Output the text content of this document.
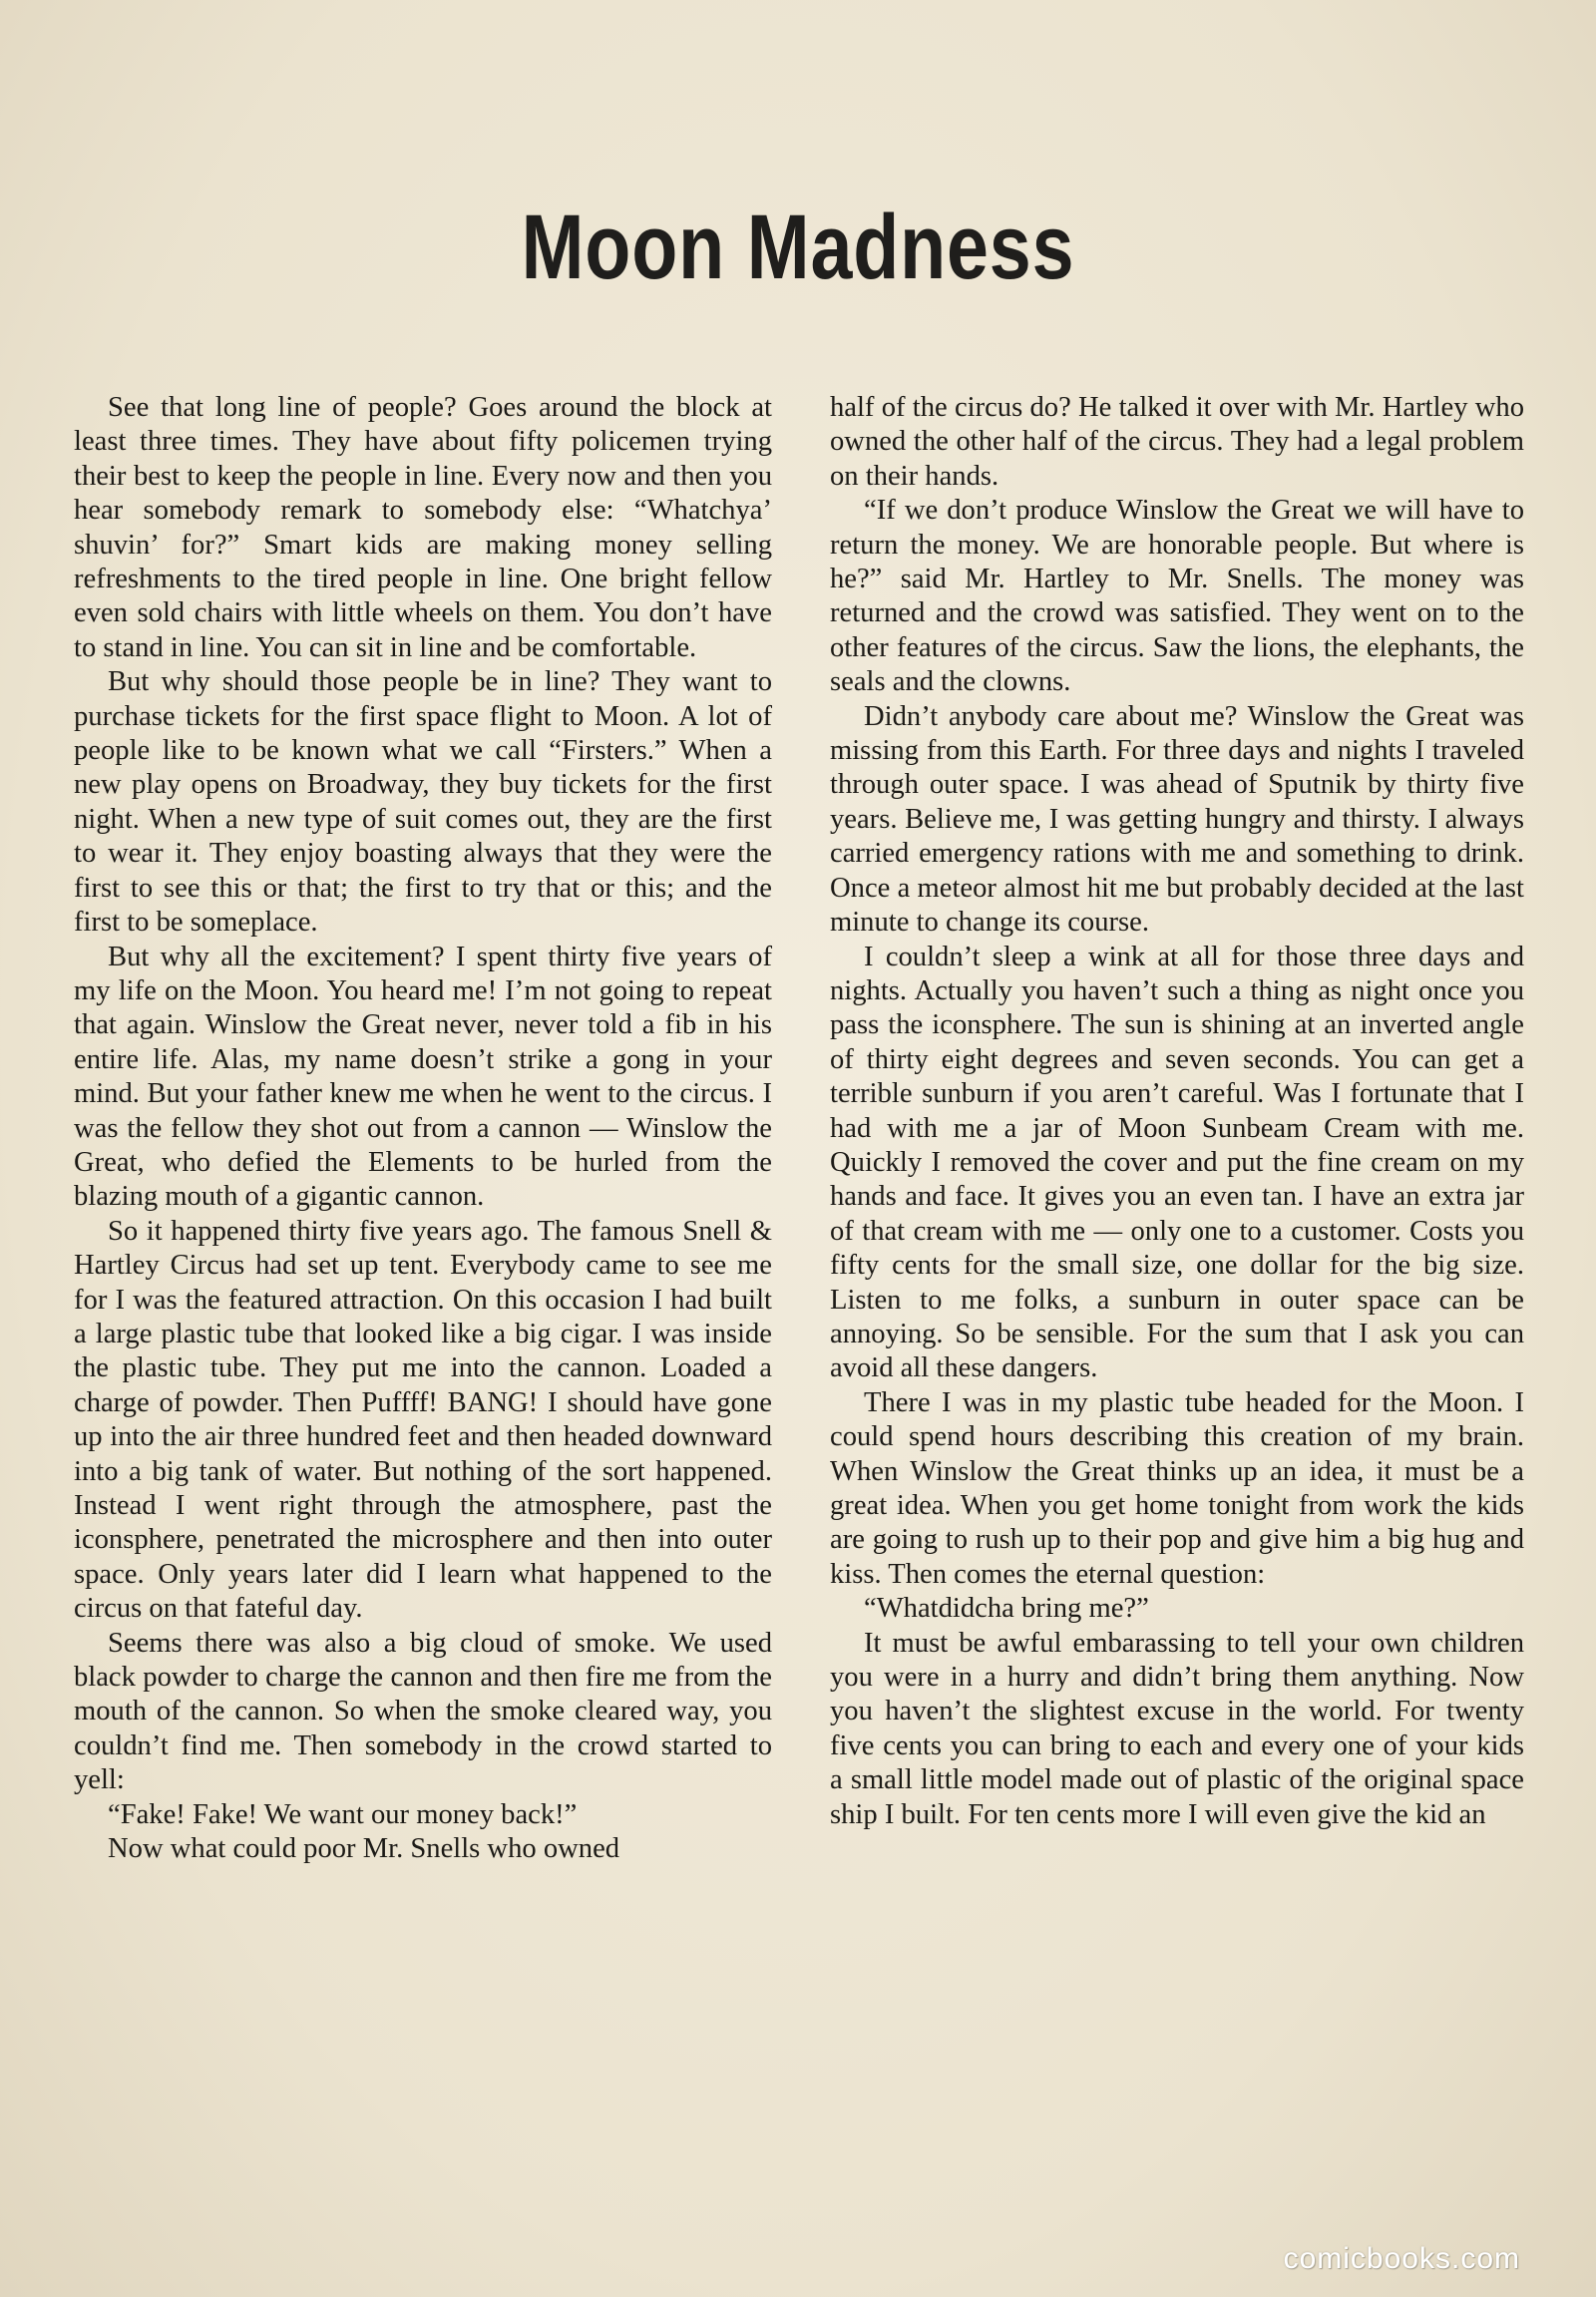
Moon Madness

See that long line of people? Goes around the block at least three times. They have about fifty policemen trying their best to keep the people in line. Every now and then you hear somebody remark to somebody else: “Whatchya’ shuvin’ for?” Smart kids are making money selling refreshments to the tired people in line. One bright fellow even sold chairs with little wheels on them. You don’t have to stand in line. You can sit in line and be comfortable.

But why should those people be in line? They want to purchase tickets for the first space flight to Moon. A lot of people like to be known what we call “Firsters.” When a new play opens on Broadway, they buy tickets for the first night. When a new type of suit comes out, they are the first to wear it. They enjoy boasting always that they were the first to see this or that; the first to try that or this; and the first to be someplace.

But why all the excitement? I spent thirty five years of my life on the Moon. You heard me! I’m not going to repeat that again. Winslow the Great never, never told a fib in his entire life. Alas, my name doesn’t strike a gong in your mind. But your father knew me when he went to the circus. I was the fellow they shot out from a cannon — Winslow the Great, who defied the Elements to be hurled from the blazing mouth of a gigantic cannon.

So it happened thirty five years ago. The famous Snell & Hartley Circus had set up tent. Everybody came to see me for I was the featured attraction. On this occasion I had built a large plastic tube that looked like a big cigar. I was inside the plastic tube. They put me into the cannon. Loaded a charge of powder. Then Puffff! BANG! I should have gone up into the air three hundred feet and then headed downward into a big tank of water. But nothing of the sort happened. Instead I went right through the atmosphere, past the iconsphere, penetrated the microsphere and then into outer space. Only years later did I learn what happened to the circus on that fateful day.

Seems there was also a big cloud of smoke. We used black powder to charge the cannon and then fire me from the mouth of the cannon. So when the smoke cleared way, you couldn’t find me. Then somebody in the crowd started to yell:

“Fake! Fake! We want our money back!”

Now what could poor Mr. Snells who owned

half of the circus do? He talked it over with Mr. Hartley who owned the other half of the circus. They had a legal problem on their hands.

“If we don’t produce Winslow the Great we will have to return the money. We are honorable people. But where is he?” said Mr. Hartley to Mr. Snells. The money was returned and the crowd was satisfied. They went on to the other features of the circus. Saw the lions, the elephants, the seals and the clowns.

Didn’t anybody care about me? Winslow the Great was missing from this Earth. For three days and nights I traveled through outer space. I was ahead of Sputnik by thirty five years. Believe me, I was getting hungry and thirsty. I always carried emergency rations with me and something to drink. Once a meteor almost hit me but probably decided at the last minute to change its course.

I couldn’t sleep a wink at all for those three days and nights. Actually you haven’t such a thing as night once you pass the iconsphere. The sun is shining at an inverted angle of thirty eight degrees and seven seconds. You can get a terrible sunburn if you aren’t careful. Was I fortunate that I had with me a jar of Moon Sunbeam Cream with me. Quickly I removed the cover and put the fine cream on my hands and face. It gives you an even tan. I have an extra jar of that cream with me — only one to a customer. Costs you fifty cents for the small size, one dollar for the big size. Listen to me folks, a sunburn in outer space can be annoying. So be sensible. For the sum that I ask you can avoid all these dangers.

There I was in my plastic tube headed for the Moon. I could spend hours describing this creation of my brain. When Winslow the Great thinks up an idea, it must be a great idea. When you get home tonight from work the kids are going to rush up to their pop and give him a big hug and kiss. Then comes the eternal question:

“Whatdidcha bring me?”

It must be awful embarassing to tell your own children you were in a hurry and didn’t bring them anything. Now you haven’t the slightest excuse in the world. For twenty five cents you can bring to each and every one of your kids a small little model made out of plastic of the original space ship I built. For ten cents more I will even give the kid an

comicbooks.com
